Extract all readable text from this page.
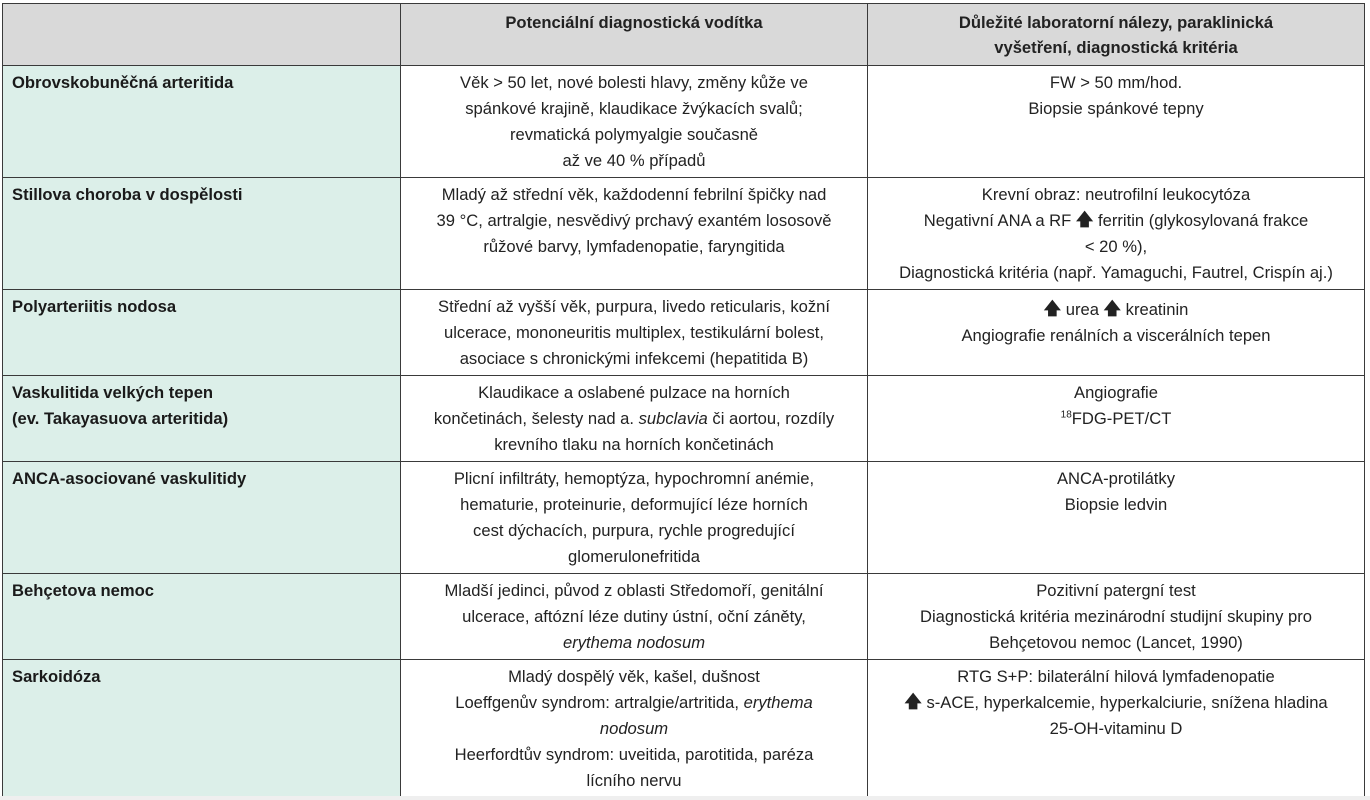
	Potenciální diagnostická vodítka	Důležité laboratorní nálezy, paraklinická
vyšetření, diagnostická kritéria

Obrovskobuněčná arteritida	Věk > 50 let, nové bolesti hlavy, změny kůže ve
spánkové krajině, klaudikace žvýkacích svalů;
revmatická polymyalgie současně
až ve 40 % případů	FW > 50 mm/hod.
Biopsie spánkové tepny

Stillova choroba v dospělosti	Mladý až střední věk, každodenní febrilní špičky nad
39 °C, artralgie, nesvědivý prchavý exantém lososově
růžové barvy, lymfadenopatie, faryngitida	Krevní obraz: neutrofilní leukocytóza
Negativní ANA a RF 🡅 ferritin (glykosylovaná frakce
< 20 %),
Diagnostická kritéria (např. Yamaguchi, Fautrel, Crispín aj.)

Polyarteriitis nodosa	Střední až vyšší věk, purpura, livedo reticularis, kožní
ulcerace, mononeuritis multiplex, testikulární bolest,
asociace s chronickými infekcemi (hepatitida B)	🡅 urea 🡅 kreatinin
Angiografie renálních a viscerálních tepen

Vaskulitida velkých tepen
(ev. Takayasuova arteritida)	Klaudikace a oslabené pulzace na horních
končetinách, šelesty nad a. subclavia či aortou, rozdíly
krevního tlaku na horních končetinách	Angiografie
$^{18}$FDG-PET/CT

ANCA-asociované vaskulitidy	Plicní infiltráty, hemoptýza, hypochromní anémie,
hematurie, proteinurie, deformující léze horních
cest dýchacích, purpura, rychle progredující
glomerulonefritida	ANCA-protilátky
Biopsie ledvin

Behçetova nemoc	Mladší jedinci, původ z oblasti Středomoří, genitální
ulcerace, aftózní léze dutiny ústní, oční záněty,
erythema nodosum	Pozitivní patergní test
Diagnostická kritéria mezinárodní studijní skupiny pro
Behçetovou nemoc (Lancet, 1990)

Sarkoidóza	Mladý dospělý věk, kašel, dušnost
Loeffgenův syndrom: artralgie/artritida, erythema
nodosum
Heerfordtův syndrom: uveitida, parotitida, paréza
lícního nervu	RTG S+P: bilaterální hilová lymfadenopatie
🡅 s-ACE, hyperkalcemie, hyperkalciurie, snížena hladina
25-OH-vitaminu D
